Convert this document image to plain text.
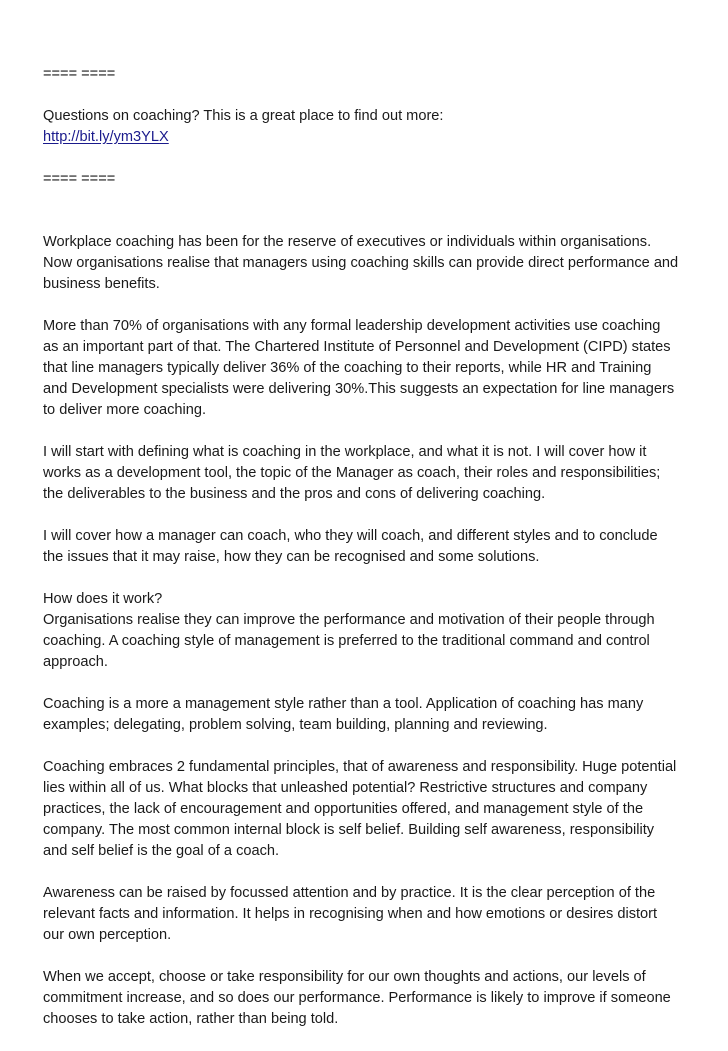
==== ====
Questions on coaching? This is a great place to find out more:
http://bit.ly/ym3YLX
==== ====
Workplace coaching has been for the reserve of executives or individuals within organisations.
Now organisations realise that managers using coaching skills can provide direct performance and
business benefits.
More than 70% of organisations with any formal leadership development activities use coaching
as an important part of that. The Chartered Institute of Personnel and Development (CIPD) states
that line managers typically deliver 36% of the coaching to their reports, while HR and Training
and Development specialists were delivering 30%.This suggests an expectation for line managers
to deliver more coaching.
I will start with defining what is coaching in the workplace, and what it is not. I will cover how it
works as a development tool, the topic of the Manager as coach, their roles and responsibilities;
the deliverables to the business and the pros and cons of delivering coaching.
I will cover how a manager can coach, who they will coach, and different styles and to conclude
the issues that it may raise, how they can be recognised and some solutions.
How does it work?
Organisations realise they can improve the performance and motivation of their people through
coaching. A coaching style of management is preferred to the traditional command and control
approach.
Coaching is a more a management style rather than a tool. Application of coaching has many
examples; delegating, problem solving, team building, planning and reviewing.
Coaching embraces 2 fundamental principles, that of awareness and responsibility. Huge potential
lies within all of us. What blocks that unleashed potential? Restrictive structures and company
practices, the lack of encouragement and opportunities offered, and management style of the
company. The most common internal block is self belief. Building self awareness, responsibility
and self belief is the goal of a coach.
Awareness can be raised by focussed attention and by practice. It is the clear perception of the
relevant facts and information. It helps in recognising when and how emotions or desires distort
our own perception.
When we accept, choose or take responsibility for our own thoughts and actions, our levels of
commitment increase, and so does our performance. Performance is likely to improve if someone
chooses to take action, rather than being told.
